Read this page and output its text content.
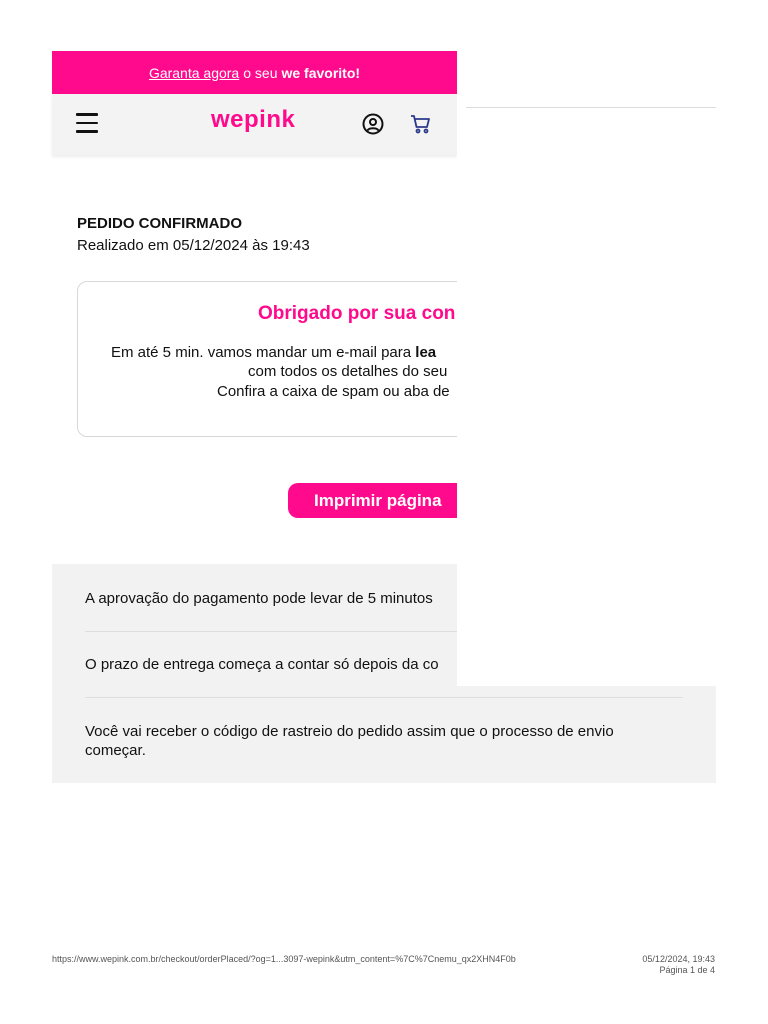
Garanta agora o seu we favorito!
wepink
PEDIDO CONFIRMADO
Realizado em 05/12/2024 às 19:43
Obrigado por sua con
Em até 5 min. vamos mandar um e-mail para lea
com todos os detalhes do seu
Confira a caixa de spam ou aba de
Imprimir página
A aprovação do pagamento pode levar de 5 minutos
O prazo de entrega começa a contar só depois da co
Você vai receber o código de rastreio do pedido assim que o processo de envio começar.
https://www.wepink.com.br/checkout/orderPlaced/?og=1...3097-wepink&utm_content=%7C%7Cnemu_qx2XHN4F0b	05/12/2024, 19:43
Página 1 de 4
